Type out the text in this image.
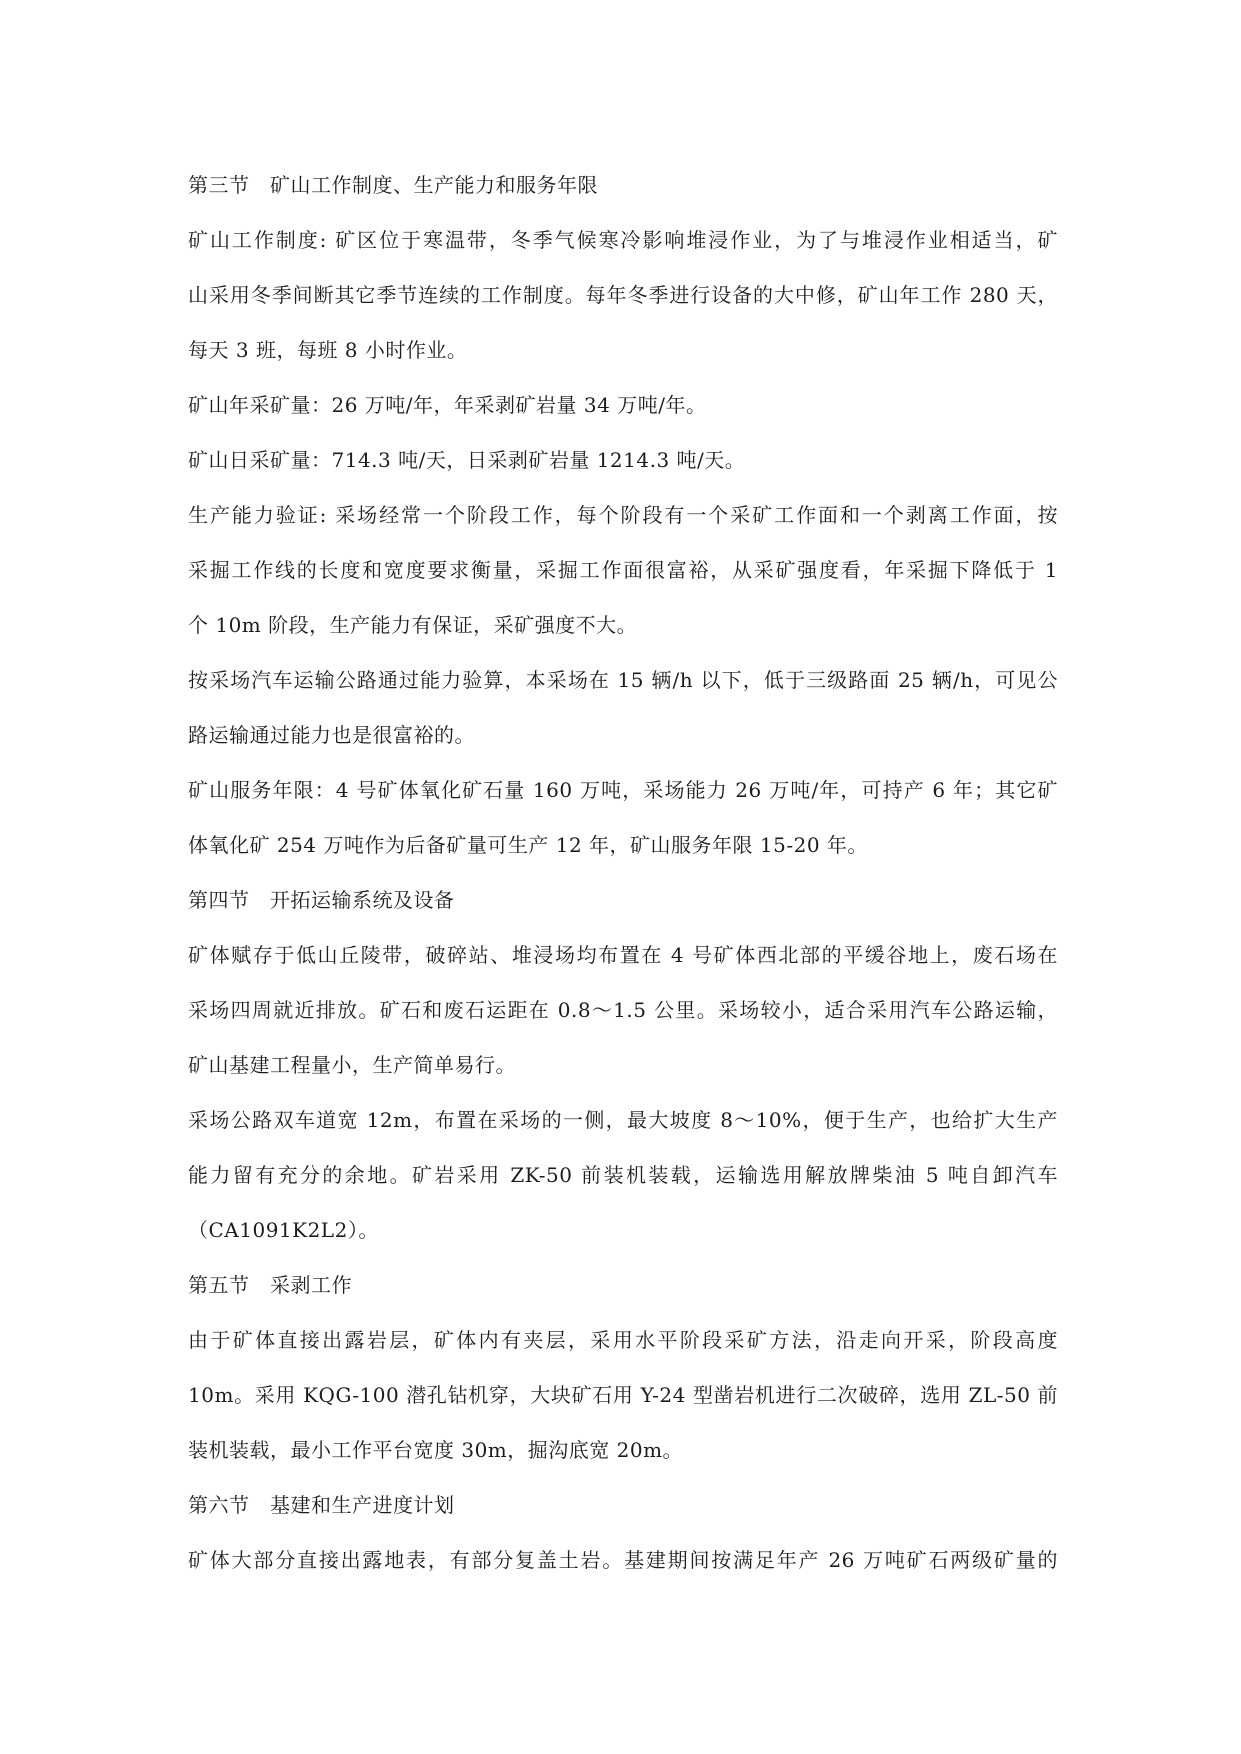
第三节　矿山工作制度、生产能力和服务年限

矿山工作制度: 矿区位于寒温带，冬季气候寒冷影响堆浸作业，为了与堆浸作业相适当，矿

山采用冬季间断其它季节连续的工作制度。每年冬季进行设备的大中修，矿山年工作 280 天，

每天 3 班，每班 8 小时作业。

矿山年采矿量：26 万吨/年，年采剥矿岩量 34 万吨/年。

矿山日采矿量：714.3 吨/天，日采剥矿岩量 1214.3 吨/天。

生产能力验证: 采场经常一个阶段工作，每个阶段有一个采矿工作面和一个剥离工作面，按

采掘工作线的长度和宽度要求衡量，采掘工作面很富裕，从采矿强度看，年采掘下降低于 1

个 10m 阶段，生产能力有保证，采矿强度不大。

按采场汽车运输公路通过能力验算，本采场在 15 辆/h 以下，低于三级路面 25 辆/h，可见公

路运输通过能力也是很富裕的。

矿山服务年限：4 号矿体氧化矿石量 160 万吨，采场能力 26 万吨/年，可持产 6 年；其它矿

体氧化矿 254 万吨作为后备矿量可生产 12 年，矿山服务年限 15-20 年。

第四节　开拓运输系统及设备

矿体赋存于低山丘陵带，破碎站、堆浸场均布置在 4 号矿体西北部的平缓谷地上，废石场在

采场四周就近排放。矿石和废石运距在 0.8～1.5 公里。采场较小，适合采用汽车公路运输，

矿山基建工程量小，生产简单易行。

采场公路双车道宽 12m，布置在采场的一侧，最大坡度 8～10%，便于生产，也给扩大生产

能力留有充分的余地。矿岩采用 ZK-50 前装机装载，运输选用解放牌柴油 5 吨自卸汽车

（CA1091K2L2）。

第五节　采剥工作

由于矿体直接出露岩层，矿体内有夹层，采用水平阶段采矿方法，沿走向开采，阶段高度

10m。采用 KQG-100 潜孔钻机穿，大块矿石用 Y-24 型凿岩机进行二次破碎，选用 ZL-50 前

装机装载，最小工作平台宽度 30m，掘沟底宽 20m。

第六节　基建和生产进度计划

矿体大部分直接出露地表，有部分复盖土岩。基建期间按满足年产 26 万吨矿石两级矿量的
